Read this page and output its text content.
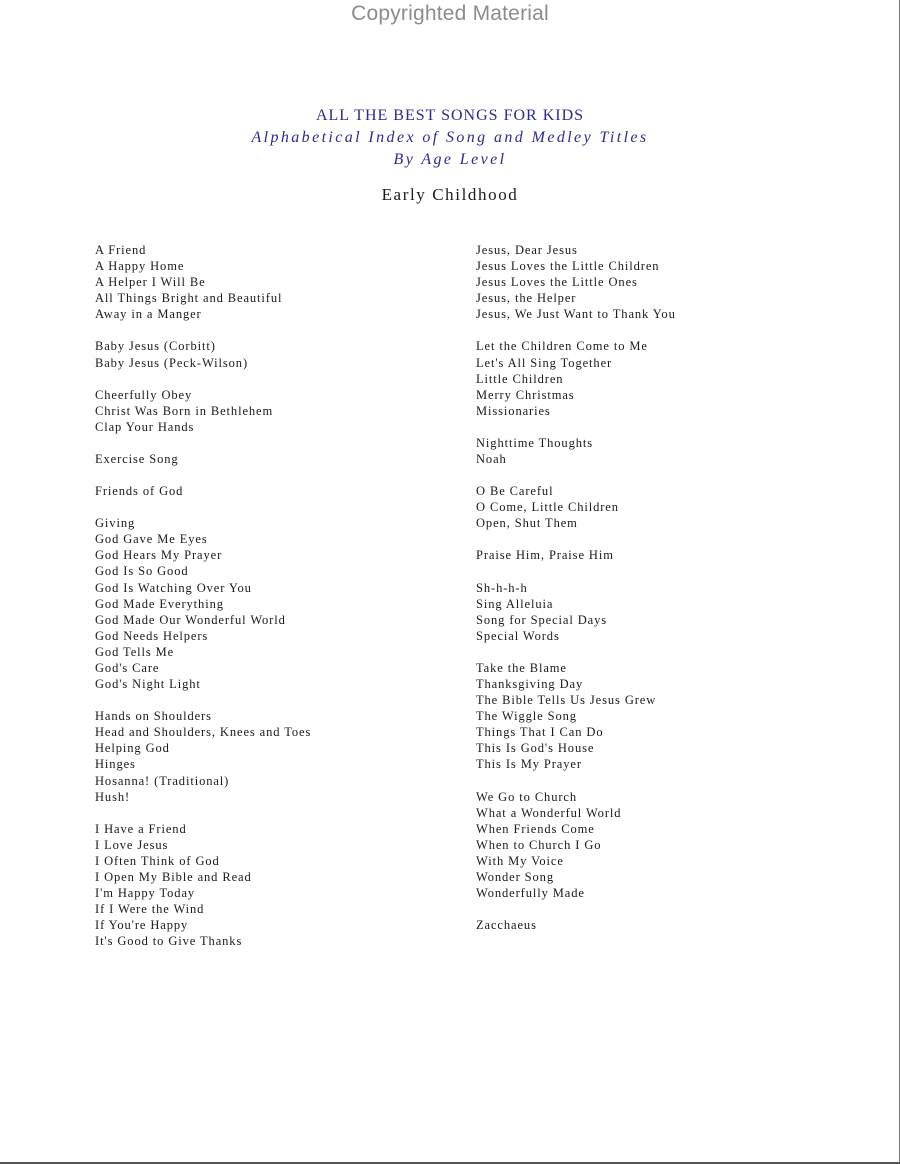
Copyrighted Material
ALL THE BEST SONGS FOR KIDS
Alphabetical Index of Song and Medley Titles
By Age Level
Early Childhood
A Friend
A Happy Home
A Helper I Will Be
All Things Bright and Beautiful
Away in a Manger
Baby Jesus (Corbitt)
Baby Jesus (Peck-Wilson)
Cheerfully Obey
Christ Was Born in Bethlehem
Clap Your Hands
Exercise Song
Friends of God
Giving
God Gave Me Eyes
God Hears My Prayer
God Is So Good
God Is Watching Over You
God Made Everything
God Made Our Wonderful World
God Needs Helpers
God Tells Me
God's Care
God's Night Light
Hands on Shoulders
Head and Shoulders, Knees and Toes
Helping God
Hinges
Hosanna! (Traditional)
Hush!
I Have a Friend
I Love Jesus
I Often Think of God
I Open My Bible and Read
I'm Happy Today
If I Were the Wind
If You're Happy
It's Good to Give Thanks
Jesus, Dear Jesus
Jesus Loves the Little Children
Jesus Loves the Little Ones
Jesus, the Helper
Jesus, We Just Want to Thank You
Let the Children Come to Me
Let's All Sing Together
Little Children
Merry Christmas
Missionaries
Nighttime Thoughts
Noah
O Be Careful
O Come, Little Children
Open, Shut Them
Praise Him, Praise Him
Sh-h-h-h
Sing Alleluia
Song for Special Days
Special Words
Take the Blame
Thanksgiving Day
The Bible Tells Us Jesus Grew
The Wiggle Song
Things That I Can Do
This Is God's House
This Is My Prayer
We Go to Church
What a Wonderful World
When Friends Come
When to Church I Go
With My Voice
Wonder Song
Wonderfully Made
Zacchaeus
